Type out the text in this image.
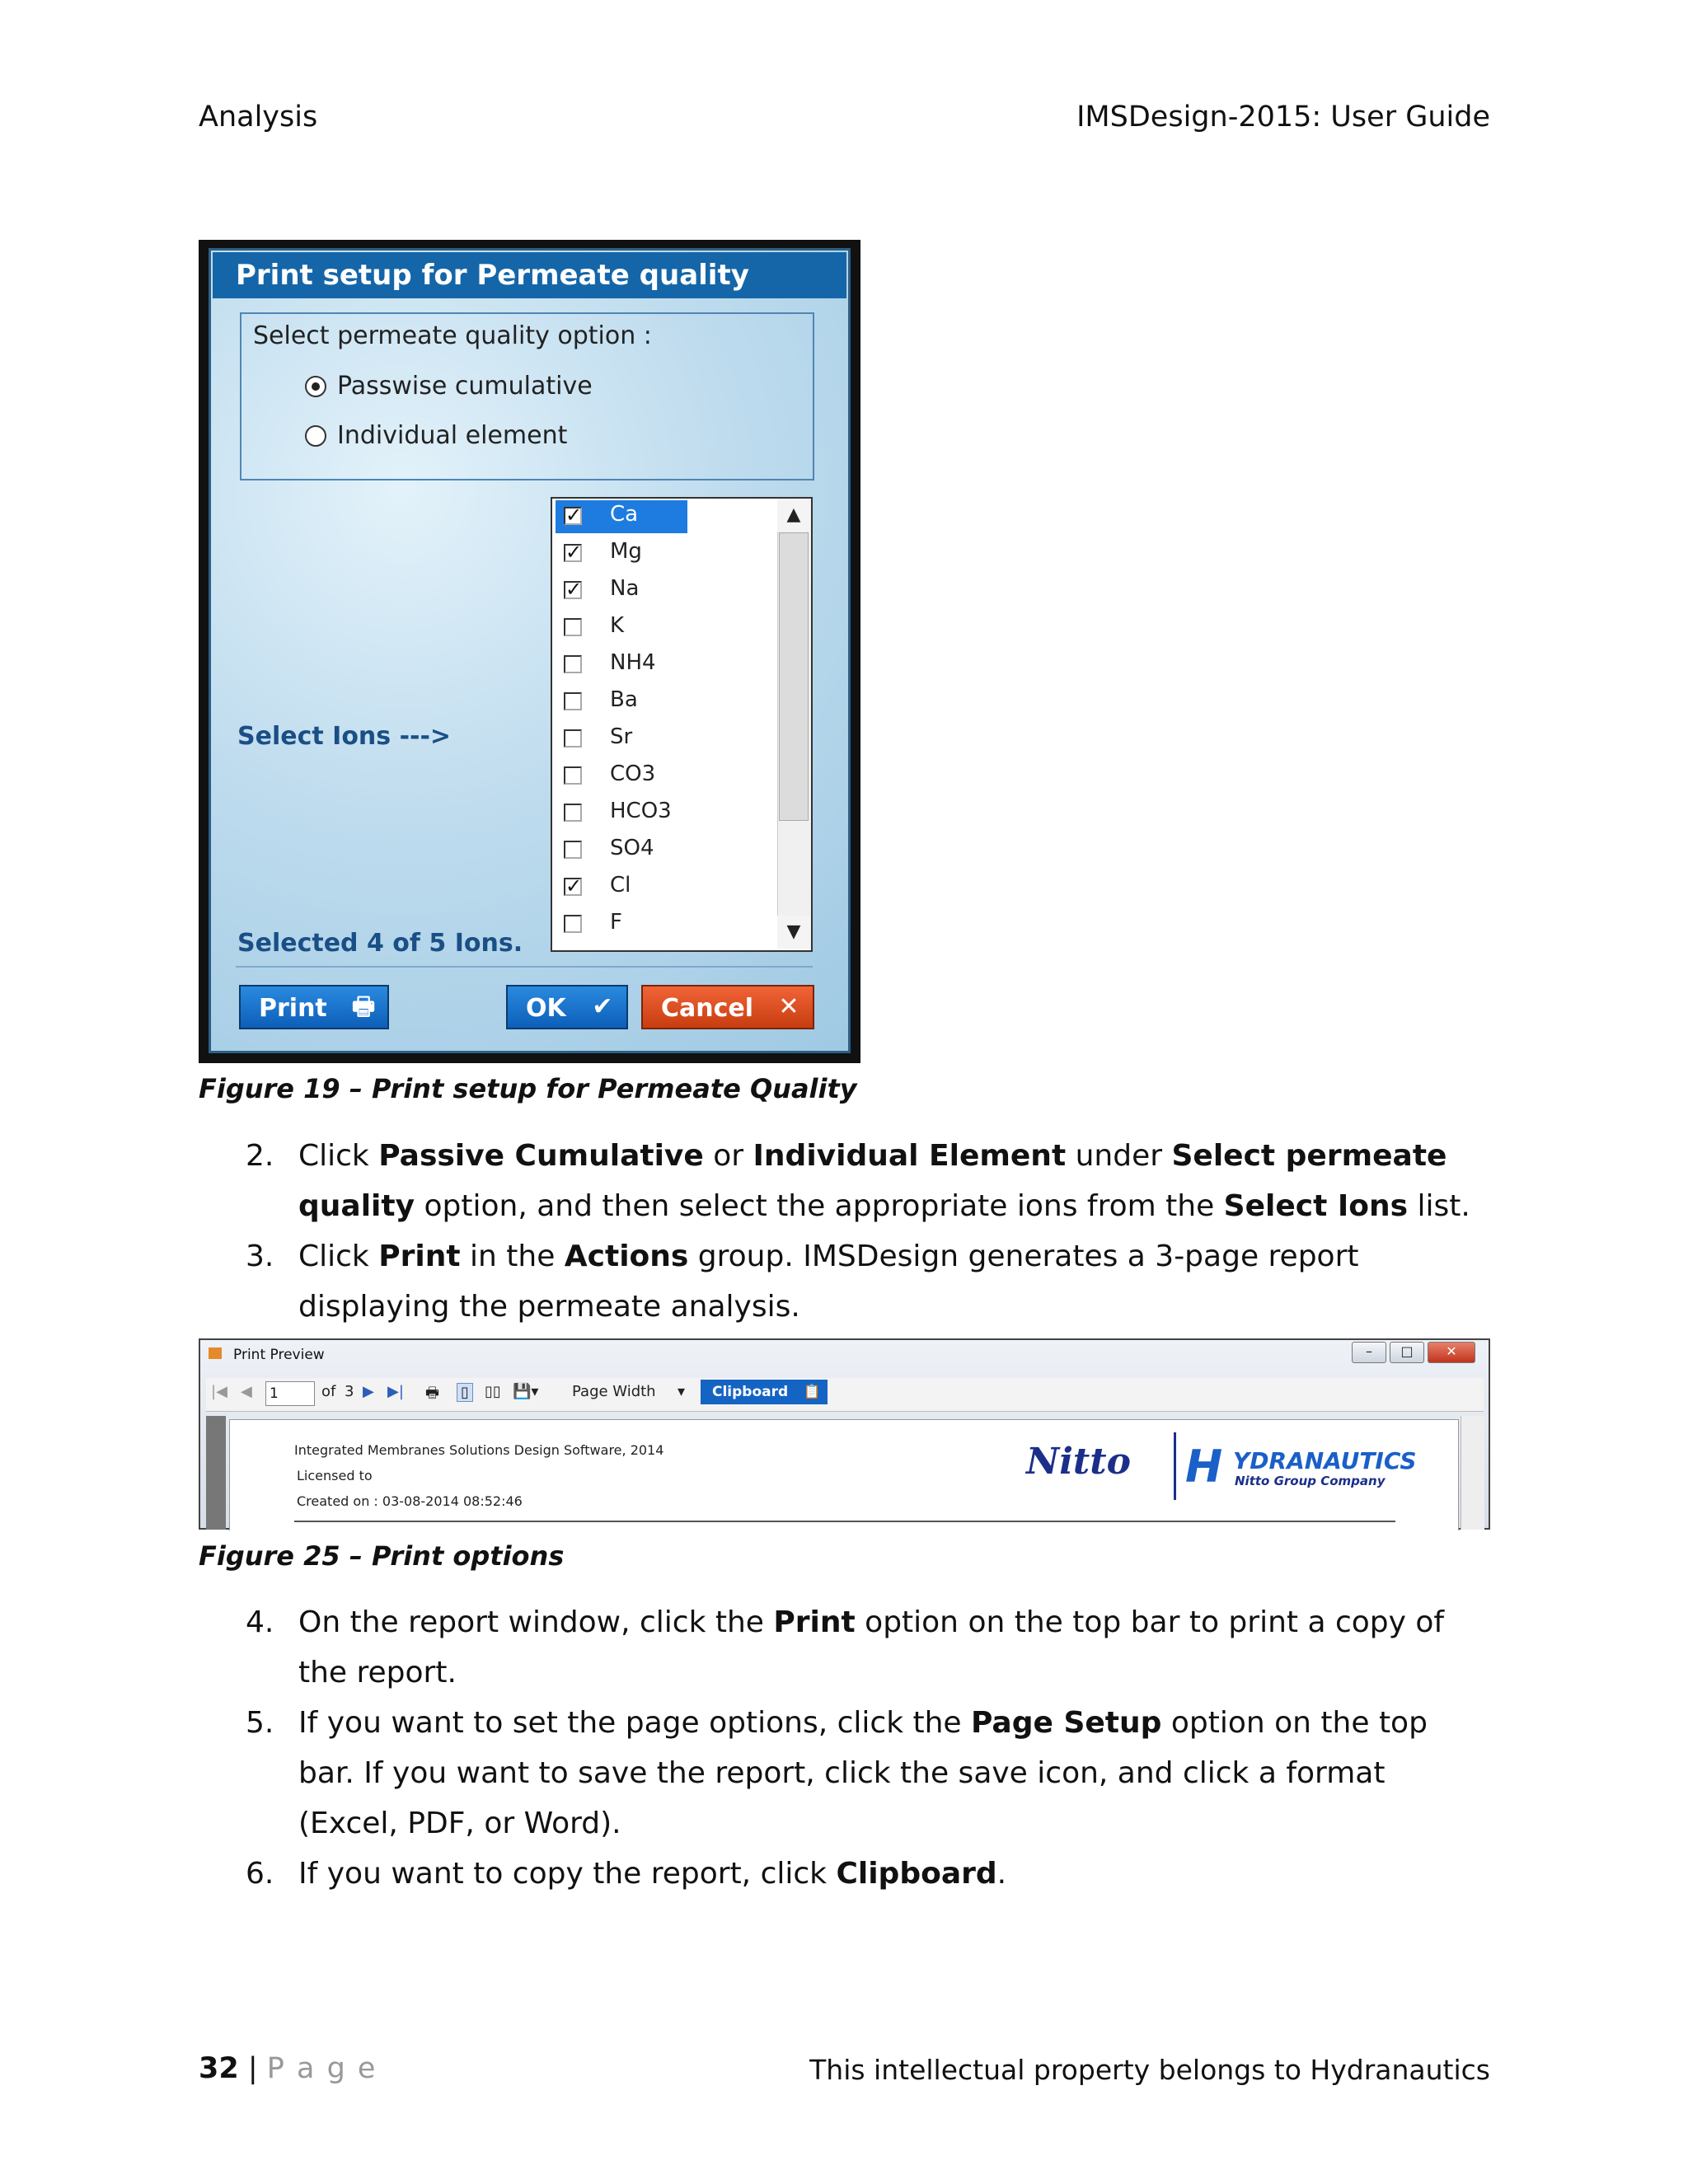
Analysis	IMSDesign-2015: User Guide
Print setup for Permeate quality
Select permeate quality option :
Passwise cumulative
Individual element
Select Ions --->
Selected 4 of 5 Ions.
✓ Ca
✓ Mg
✓ Na
K
NH4
Ba
Sr
CO3
HCO3
SO4
✓ Cl
F
▲
▼
Print 🖶	OK ✔ Cancel ✕
Figure 19 – Print setup for Permeate Quality
2. Click Passive Cumulative or Individual Element under Select permeate quality option, and then select the appropriate ions from the Select Ions list.
3. Click Print in the Actions group. IMSDesign generates a 3-page report displaying the permeate analysis.
Print Preview	–	□	✕
|◀ ◀ 1	of 3 ▶ ▶| 🖶 ▯ ▯▯ 💾▾ Page Width ▾	Clipboard 📋
Integrated Membranes Solutions Design Software, 2014
Licensed to
Created on : 03-08-2014 08:52:46
Nitto H YDRANAUTICS
Nitto Group Company
Figure 25 – Print options
4. On the report window, click the Print option on the top bar to print a copy of the report.
5. If you want to set the page options, click the Page Setup option on the top bar. If you want to save the report, click the save icon, and click a format (Excel, PDF, or Word).
6. If you want to copy the report, click Clipboard.
32 | P a g e	This intellectual property belongs to Hydranautics
